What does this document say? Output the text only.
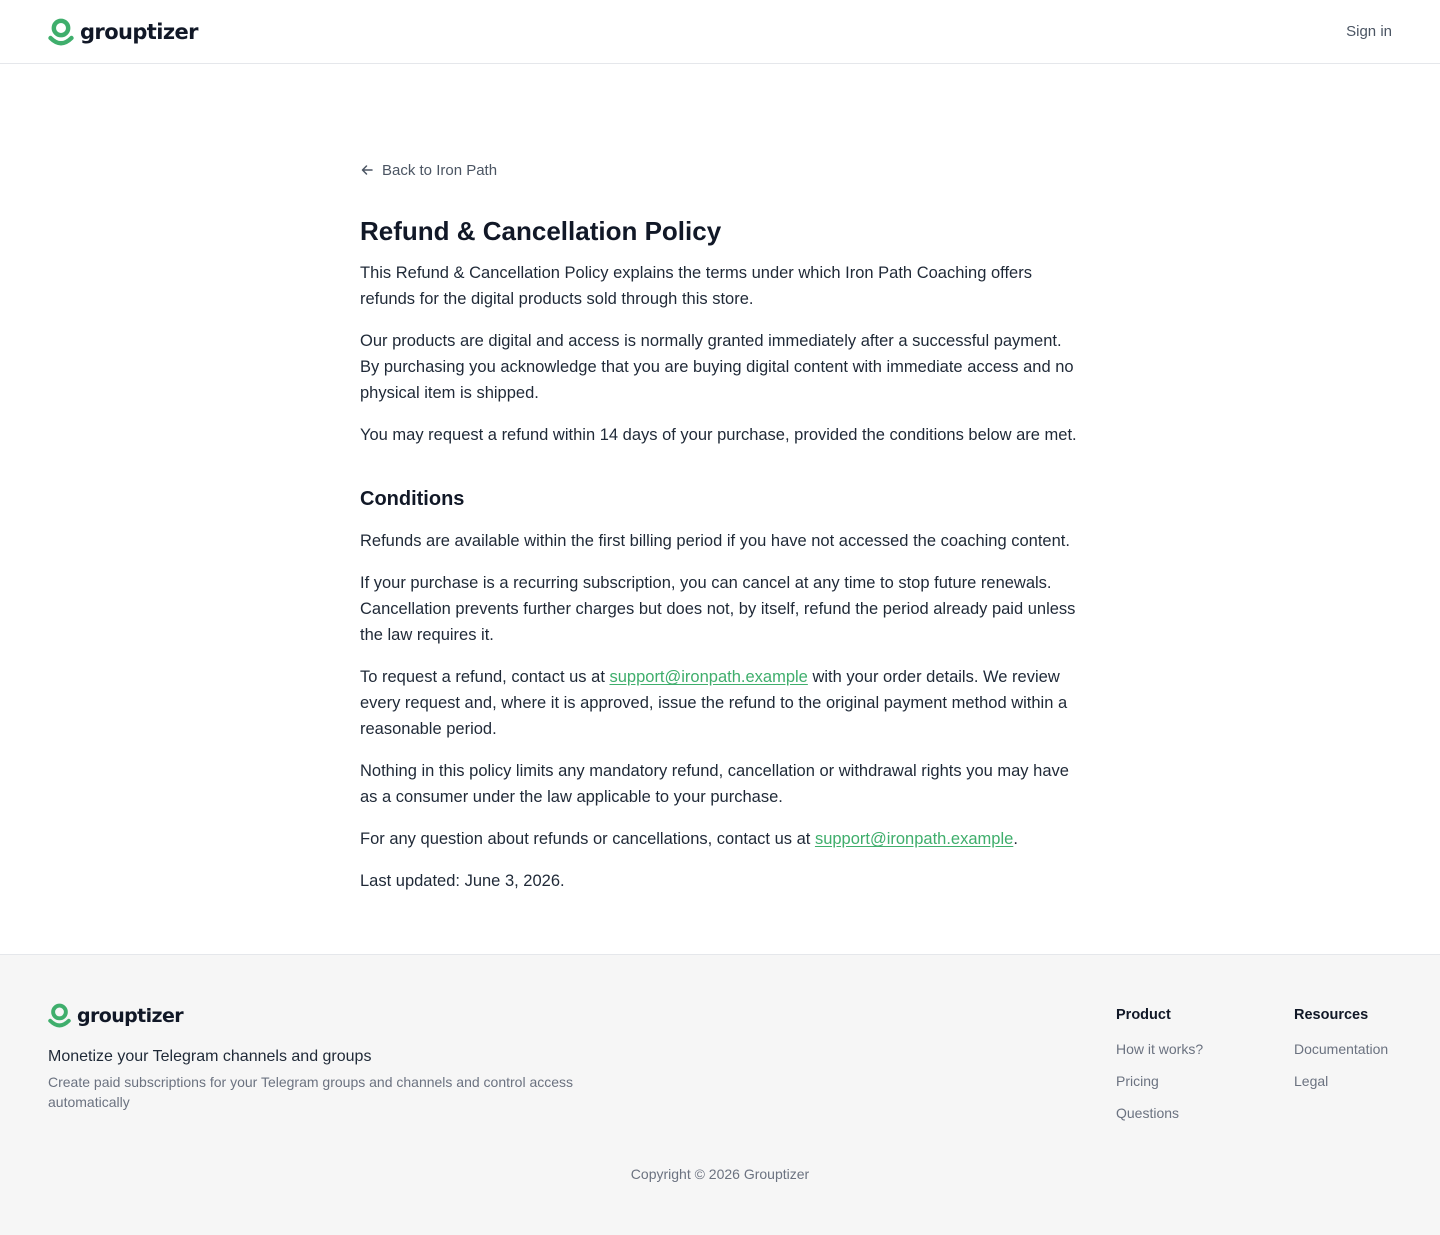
grouptizer	Sign in
Back to Iron Path
Refund & Cancellation Policy

This Refund & Cancellation Policy explains the terms under which Iron Path Coaching offers refunds for the digital products sold through this store.

Our products are digital and access is normally granted immediately after a successful payment. By purchasing you acknowledge that you are buying digital content with immediate access and no physical item is shipped.

You may request a refund within 14 days of your purchase, provided the conditions below are met.

Conditions

Refunds are available within the first billing period if you have not accessed the coaching content.

If your purchase is a recurring subscription, you can cancel at any time to stop future renewals. Cancellation prevents further charges but does not, by itself, refund the period already paid unless the law requires it.

To request a refund, contact us at support@ironpath.example with your order details. We review every request and, where it is approved, issue the refund to the original payment method within a reasonable period.

Nothing in this policy limits any mandatory refund, cancellation or withdrawal rights you may have as a consumer under the law applicable to your purchase.

For any question about refunds or cancellations, contact us at support@ironpath.example.

Last updated: June 3, 2026.

grouptizer
Monetize your Telegram channels and groups
Create paid subscriptions for your Telegram groups and channels and control access automatically
Product
How it works?
Pricing
Questions
Resources
Documentation
Legal
Copyright © 2026 Grouptizer
